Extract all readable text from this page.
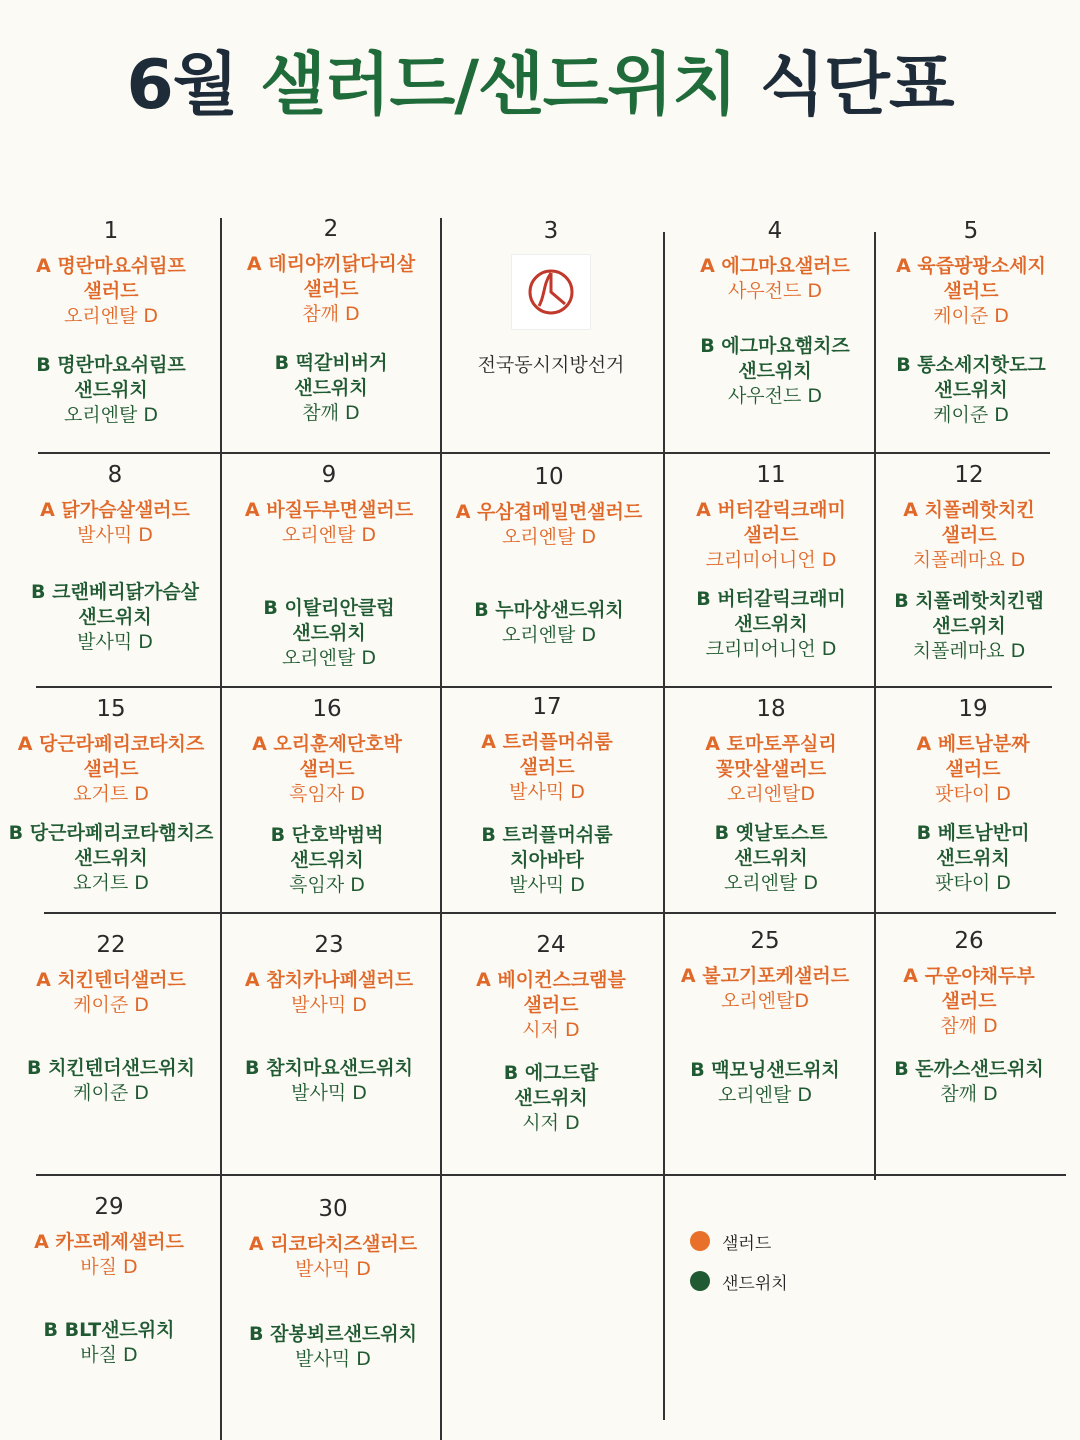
6월 샐러드/샌드위치 식단표
1
A 명란마요쉬림프
샐러드
오리엔탈 D
B 명란마요쉬림프
샌드위치
오리엔탈 D
2
A 데리야끼닭다리살
샐러드
참깨 D
B 떡갈비버거
샌드위치
참깨 D
3
전국동시지방선거
4
A 에그마요샐러드
사우전드 D
B 에그마요햄치즈
샌드위치
사우전드 D
5
A 육즙팡팡소세지
샐러드
케이준 D
B 통소세지핫도그
샌드위치
케이준 D
8
A 닭가슴살샐러드
발사믹 D
B 크랜베리닭가슴살
샌드위치
발사믹 D
9
A 바질두부면샐러드
오리엔탈 D
B 이탈리안클럽
샌드위치
오리엔탈 D
10
A 우삼겹메밀면샐러드
오리엔탈 D
B 누마상샌드위치
오리엔탈 D
11
A 버터갈릭크래미
샐러드
크리미어니언 D
B 버터갈릭크래미
샌드위치
크리미어니언 D
12
A 치폴레핫치킨
샐러드
치폴레마요 D
B 치폴레핫치킨랩
샌드위치
치폴레마요 D
15
A 당근라페리코타치즈
샐러드
요거트 D
B 당근라페리코타햄치즈
샌드위치
요거트 D
16
A 오리훈제단호박
샐러드
흑임자 D
B 단호박범벅
샌드위치
흑임자 D
17
A 트러플머쉬룸
샐러드
발사믹 D
B 트러플머쉬룸
치아바타
발사믹 D
18
A 토마토푸실리
꽃맛살샐러드
오리엔탈D
B 옛날토스트
샌드위치
오리엔탈 D
19
A 베트남분짜
샐러드
팟타이 D
B 베트남반미
샌드위치
팟타이 D
22
A 치킨텐더샐러드
케이준 D
B 치킨텐더샌드위치
케이준 D
23
A 참치카나페샐러드
발사믹 D
B 참치마요샌드위치
발사믹 D
24
A 베이컨스크램블
샐러드
시저 D
B 에그드랍
샌드위치
시저 D
25
A 불고기포케샐러드
오리엔탈D
B 맥모닝샌드위치
오리엔탈 D
26
A 구운야채두부
샐러드
참깨 D
B 돈까스샌드위치
참깨 D
29
A 카프레제샐러드
바질 D
B BLT샌드위치
바질 D
30
A 리코타치즈샐러드
발사믹 D
B 잠봉뵈르샌드위치
발사믹 D
샐러드
샌드위치
